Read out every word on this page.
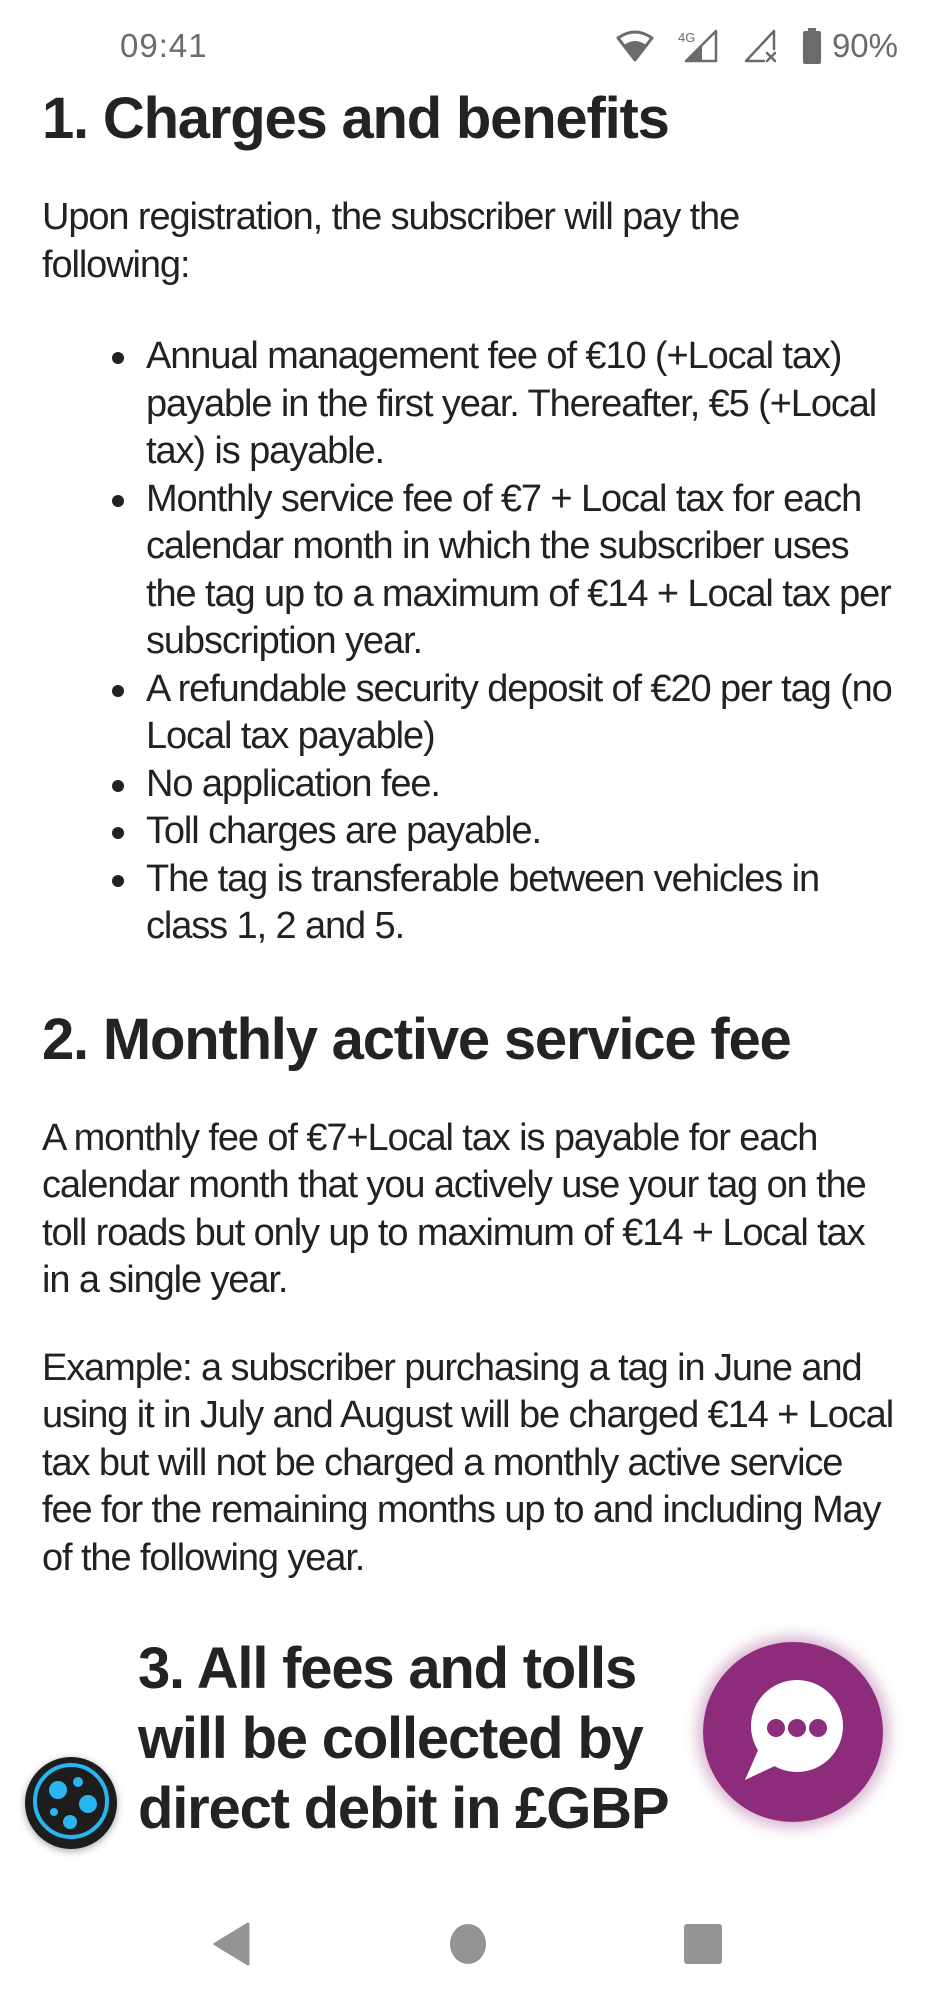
09:41	4G	90%
1. Charges and benefits

Upon registration, the subscriber will pay the following:

Annual management fee of €10 (+Local tax) payable in the first year. Thereafter, €5 (+Local tax) is payable.
Monthly service fee of €7 + Local tax for each calendar month in which the subscriber uses the tag up to a maximum of €14 + Local tax per subscription year.
A refundable security deposit of €20 per tag (no Local tax payable)
No application fee.
Toll charges are payable.
The tag is transferable between vehicles in class 1, 2 and 5.
2. Monthly active service fee

A monthly fee of €7+Local tax is payable for each calendar month that you actively use your tag on the toll roads but only up to maximum of €14 + Local tax in a single year.

Example: a subscriber purchasing a tag in June and using it in July and August will be charged €14 + Local tax but will not be charged a monthly active service fee for the remaining months up to and including May of the following year.

3. All fees and tolls will be collected by direct debit in £GBP
